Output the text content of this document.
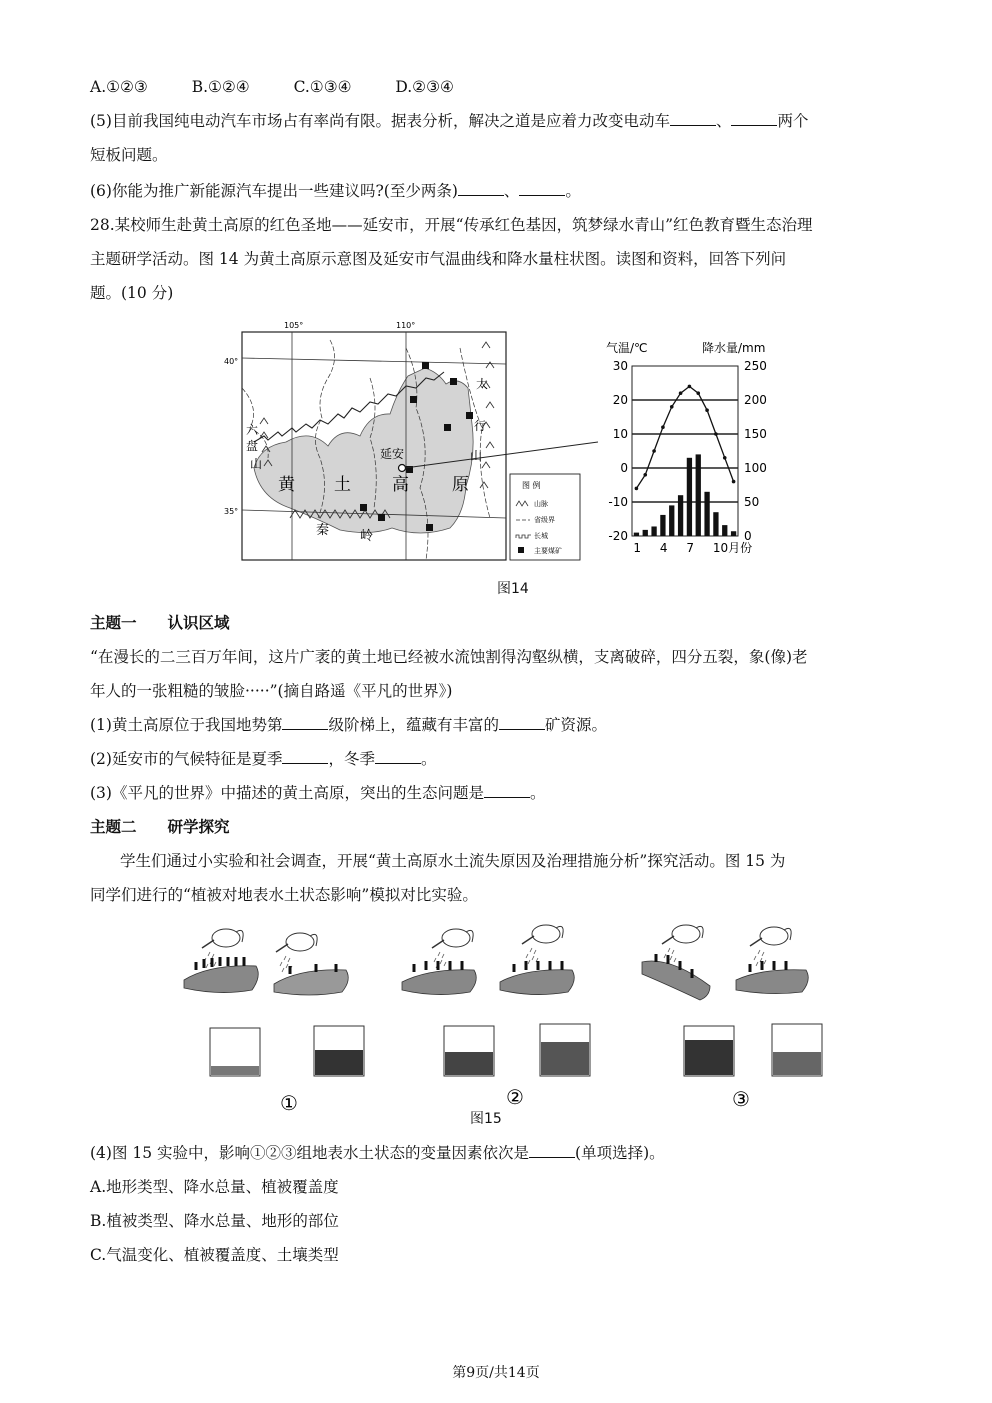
A.①②③	B.①②④	C.①③④	D.②③④
(5)目前我国纯电动汽车市场占有率尚有限。据表分析，解决之道是应着力改变电动车	、	两个
短板问题。
(6)你能为推广新能源汽车提出一些建议吗?(至少两条)	、	。
28.某校师生赴黄土高原的红色圣地——延安市，开展“传承红色基因，筑梦绿水青山”红色教育暨生态治理
主题研学活动。图 14 为黄土高原示意图及延安市气温曲线和降水量柱状图。读图和资料，回答下列问
题。(10 分)
延安
黄 土 高	原
秦 岭
六
盘
山
太
行
山
105°	110°
40°
35°
图 例
山脉
省级界
长城
主要煤矿
气温/℃	降水量/mm
30
20
10
0
-10
-20
250
200
150
100
50
0
1 4 7 10月份
图14
主题一　　认识区域
“在漫长的二三百万年间，这片广袤的黄土地已经被水流蚀割得沟壑纵横，支离破碎，四分五裂，象(像)老
年人的一张粗糙的皱脸·····”(摘自路遥《平凡的世界》)
(1)黄土高原位于我国地势第	级阶梯上，蕴藏有丰富的	矿资源。
(2)延安市的气候特征是夏季	，冬季	。
(3)《平凡的世界》中描述的黄土高原，突出的生态问题是	。
主题二　　研学探究
学生们通过小实验和社会调查，开展“黄土高原水土流失原因及治理措施分析”探究活动。图 15 为
同学们进行的“植被对地表水土状态影响”模拟对比实验。
①	②	③
图15
(4)图 15 实验中，影响①②③组地表水土状态的变量因素依次是	(单项选择)。
A.地形类型、降水总量、植被覆盖度
B.植被类型、降水总量、地形的部位
C.气温变化、植被覆盖度、土壤类型
第9页/共14页
